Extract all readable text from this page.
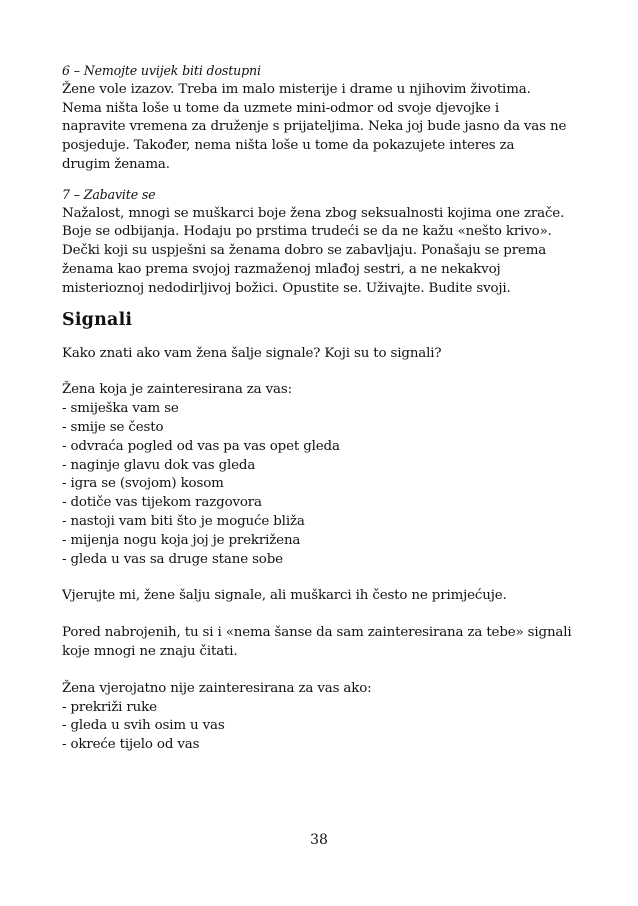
6 – Nemojte uvijek biti dostupni
Žene vole izazov. Treba im malo misterije i drame u njihovim životima.
Nema ništa loše u tome da uzmete mini-odmor od svoje djevojke i
napravite vremena za druženje s prijateljima. Neka joj bude jasno da vas ne
posjeduje. Također, nema ništa loše u tome da pokazujete interes za
drugim ženama.
7 – Zabavite se
Nažalost, mnogi se muškarci boje žena zbog seksualnosti kojima one zrače.
Boje se odbijanja. Hodaju po prstima trudeći se da ne kažu «nešto krivo».
Dečki koji su uspješni sa ženama dobro se zabavljaju. Ponašaju se prema
ženama kao prema svojoj razmaženoj mlađoj sestri, a ne nekakvoj
misterioznoj nedodirljivoj božici. Opustite se. Uživajte. Budite svoji.
Signali
Kako znati ako vam žena šalje signale? Koji su to signali?
Žena koja je zainteresirana za vas:
- smiješka vam se
- smije se često
- odvraća pogled od vas pa vas opet gleda
- naginje glavu dok vas gleda
- igra se (svojom) kosom
- dotiče vas tijekom razgovora
- nastoji vam biti što je moguće bliža
- mijenja nogu koja joj je prekrižena
- gleda u vas sa druge stane sobe
Vjerujte mi, žene šalju signale, ali muškarci ih često ne primjećuje.
Pored nabrojenih, tu si i «nema šanse da sam zainteresirana za tebe» signali
koje mnogi ne znaju čitati.
Žena vjerojatno nije zainteresirana za vas ako:
- prekriži ruke
- gleda u svih osim u vas
- okreće tijelo od vas
38
